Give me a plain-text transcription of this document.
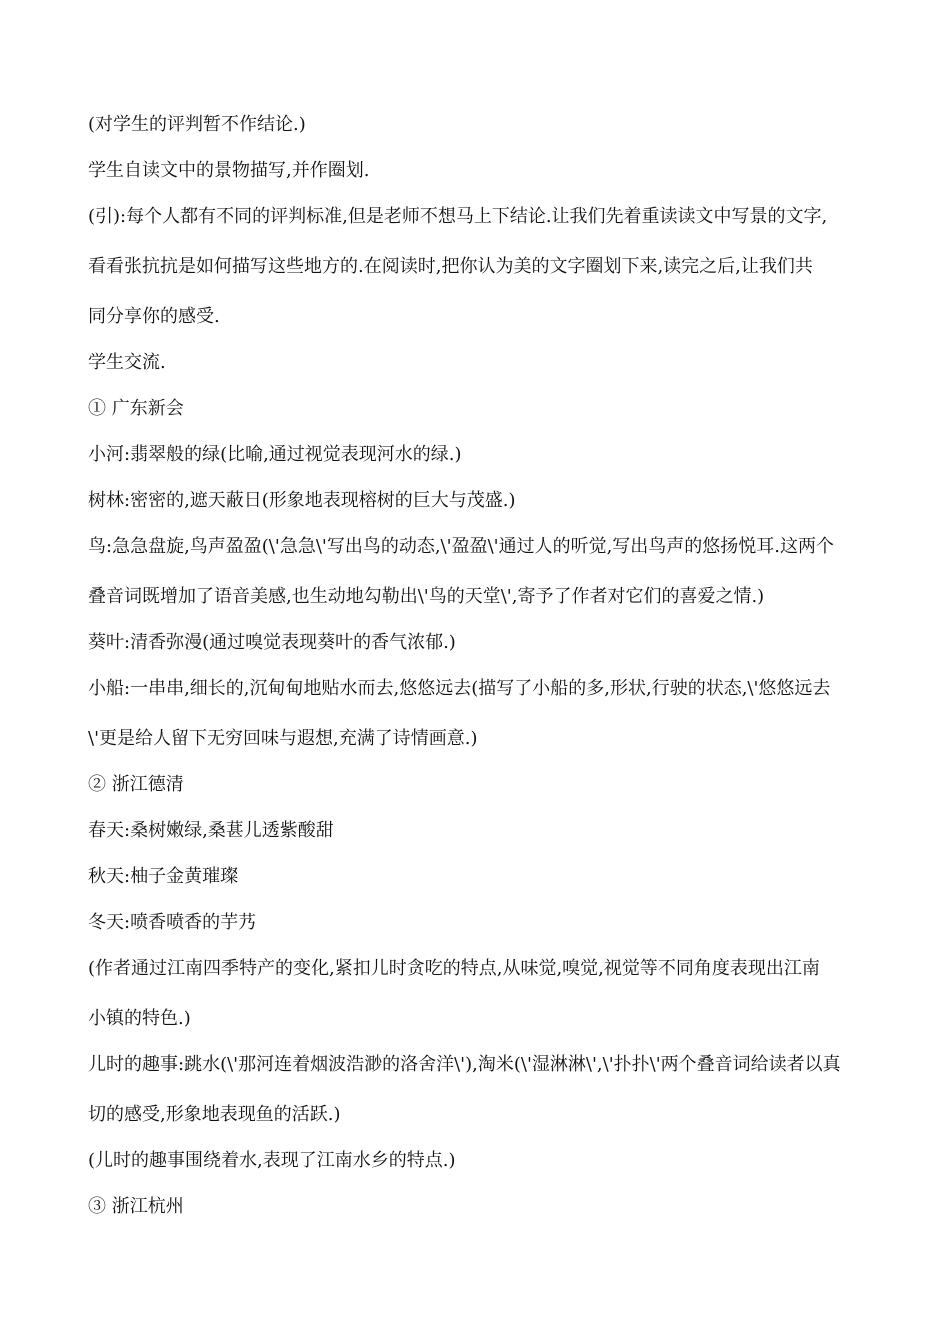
(对学生的评判暂不作结论.)

学生自读文中的景物描写,并作圈划.

(引):每个人都有不同的评判标准,但是老师不想马上下结论.让我们先着重读读文中写景的文字,
看看张抗抗是如何描写这些地方的.在阅读时,把你认为美的文字圈划下来,读完之后,让我们共
同分享你的感受.

学生交流.

① 广东新会

小河:翡翠般的绿(比喻,通过视觉表现河水的绿.)

树林:密密的,遮天蔽日(形象地表现榕树的巨大与茂盛.)

鸟:急急盘旋,鸟声盈盈(\'急急\'写出鸟的动态,\'盈盈\'通过人的听觉,写出鸟声的悠扬悦耳.这两个
叠音词既增加了语音美感,也生动地勾勒出\'鸟的天堂\',寄予了作者对它们的喜爱之情.)

葵叶:清香弥漫(通过嗅觉表现葵叶的香气浓郁.)

小船:一串串,细长的,沉甸甸地贴水而去,悠悠远去(描写了小船的多,形状,行驶的状态,\'悠悠远去
\'更是给人留下无穷回味与遐想,充满了诗情画意.)

② 浙江德清

春天:桑树嫩绿,桑葚儿透紫酸甜

秋天:柚子金黄璀璨

冬天:喷香喷香的芋艿

(作者通过江南四季特产的变化,紧扣儿时贪吃的特点,从味觉,嗅觉,视觉等不同角度表现出江南
小镇的特色.)

儿时的趣事:跳水(\'那河连着烟波浩渺的洛舍洋\'),淘米(\'湿淋淋\',\'扑扑\'两个叠音词给读者以真
切的感受,形象地表现鱼的活跃.)

(儿时的趣事围绕着水,表现了江南水乡的特点.)

③ 浙江杭州
